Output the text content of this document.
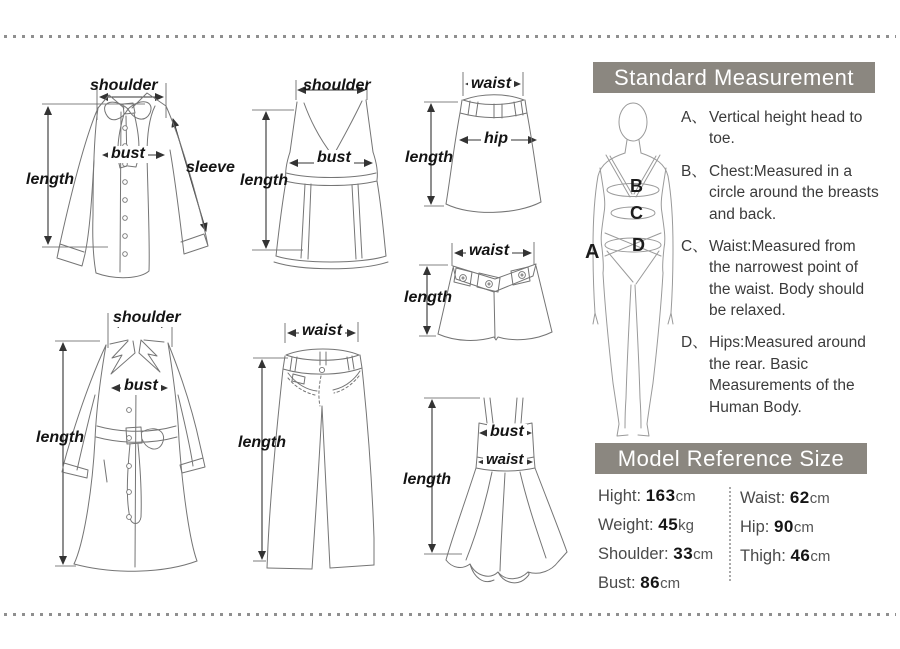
shoulder
length
bust
sleeve
shoulder
bust
length
waist
hip
length
waist
length
shoulder
bust
length
waist
length
bust
waist
length
Standard Measurement
A
B
C
D
A、 Vertical height head to toe.
B、 Chest:Measured in a circle around the breasts and back.
C、 Waist:Measured from the narrowest point of the waist. Body should be relaxed.
D、 Hips:Measured around the rear. Basic Measurements of the Human Body.
Model Reference Size
Hight: 163cm
Weight: 45kg
Shoulder: 33cm
Bust: 86cm
Waist: 62cm
Hip: 90cm
Thigh: 46cm
